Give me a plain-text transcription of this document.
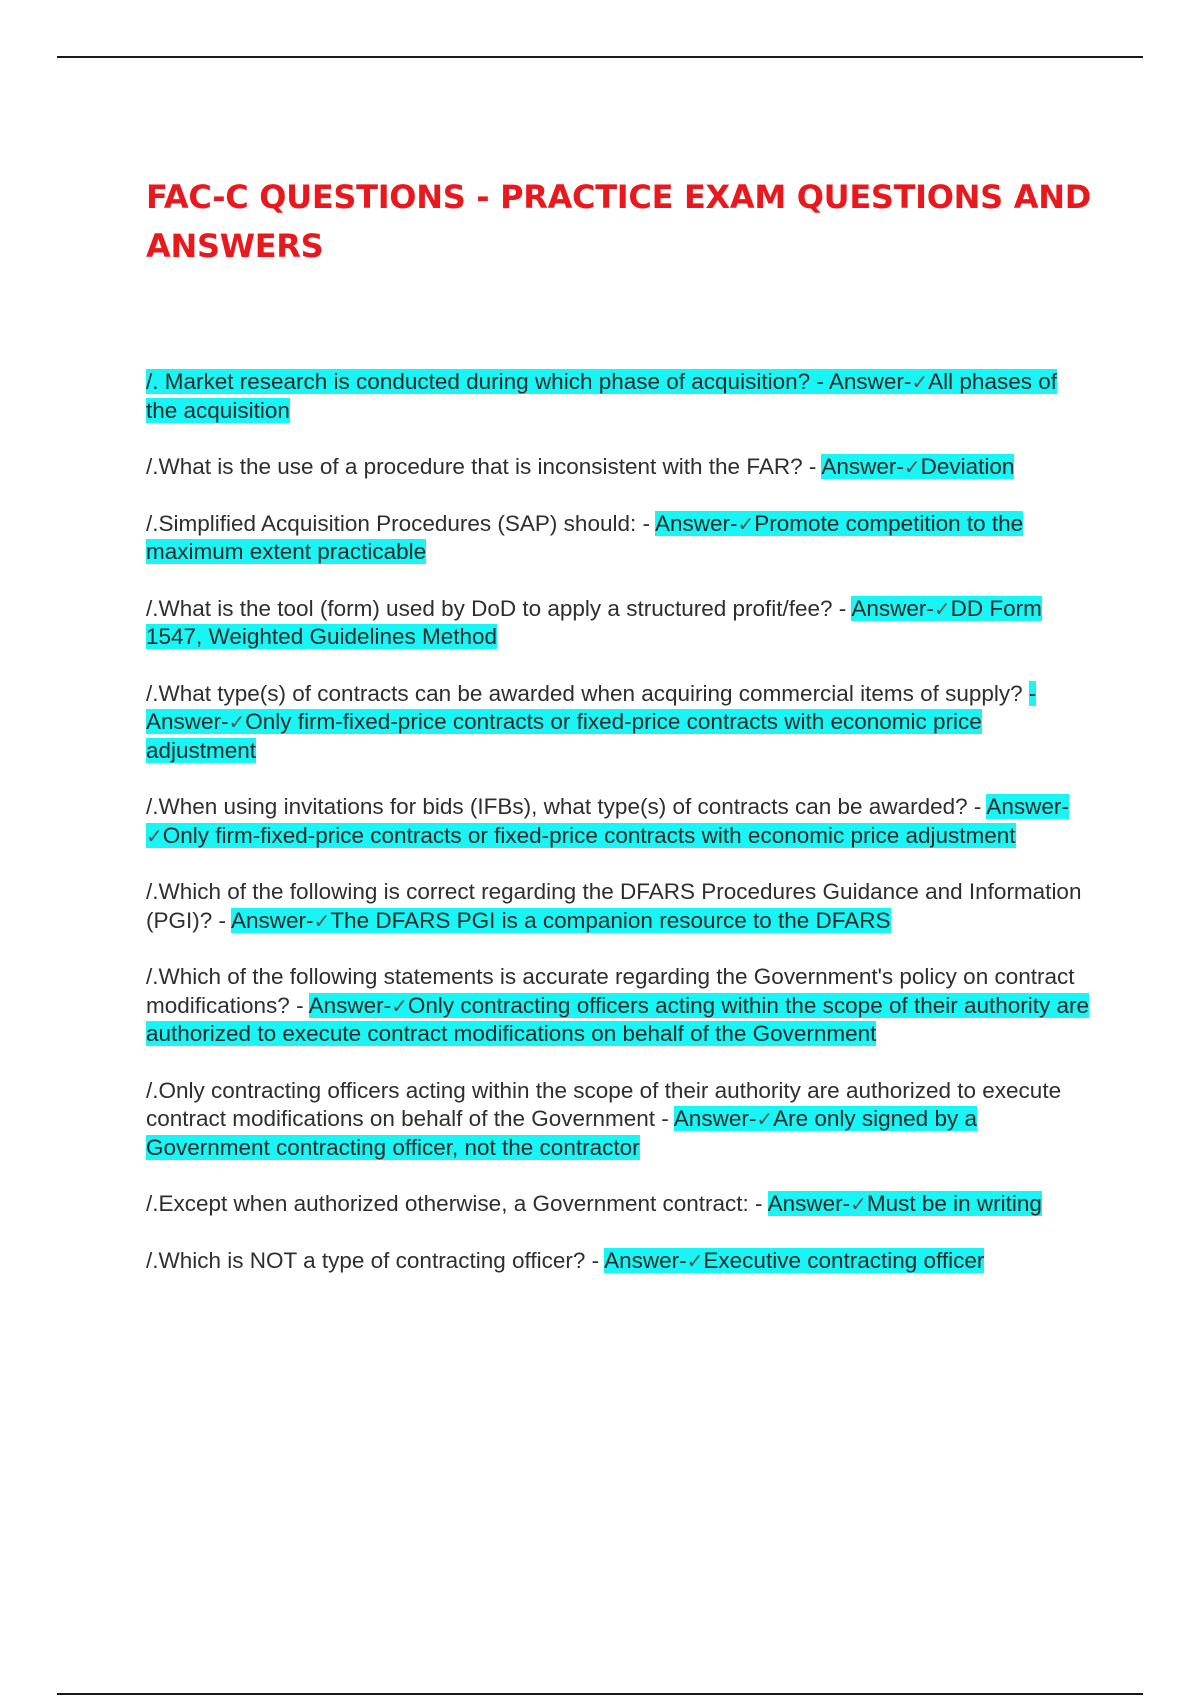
FAC-C QUESTIONS - PRACTICE EXAM QUESTIONS AND ANSWERS

/. Market research is conducted during which phase of acquisition? - Answer-✓All phases of the acquisition

/.What is the use of a procedure that is inconsistent with the FAR? - Answer-✓Deviation

/.Simplified Acquisition Procedures (SAP) should: - Answer-✓Promote competition to the maximum extent practicable

/.What is the tool (form) used by DoD to apply a structured profit/fee? - Answer-✓DD Form 1547, Weighted Guidelines Method

/.What type(s) of contracts can be awarded when acquiring commercial items of supply? - Answer-✓Only firm-fixed-price contracts or fixed-price contracts with economic price adjustment

/.When using invitations for bids (IFBs), what type(s) of contracts can be awarded? - Answer-✓Only firm-fixed-price contracts or fixed-price contracts with economic price adjustment

/.Which of the following is correct regarding the DFARS Procedures Guidance and Information (PGI)? - Answer-✓The DFARS PGI is a companion resource to the DFARS

/.Which of the following statements is accurate regarding the Government's policy on contract modifications? - Answer-✓Only contracting officers acting within the scope of their authority are authorized to execute contract modifications on behalf of the Government

/.Only contracting officers acting within the scope of their authority are authorized to execute contract modifications on behalf of the Government - Answer-✓Are only signed by a Government contracting officer, not the contractor

/.Except when authorized otherwise, a Government contract: - Answer-✓Must be in writing

/.Which is NOT a type of contracting officer? - Answer-✓Executive contracting officer
